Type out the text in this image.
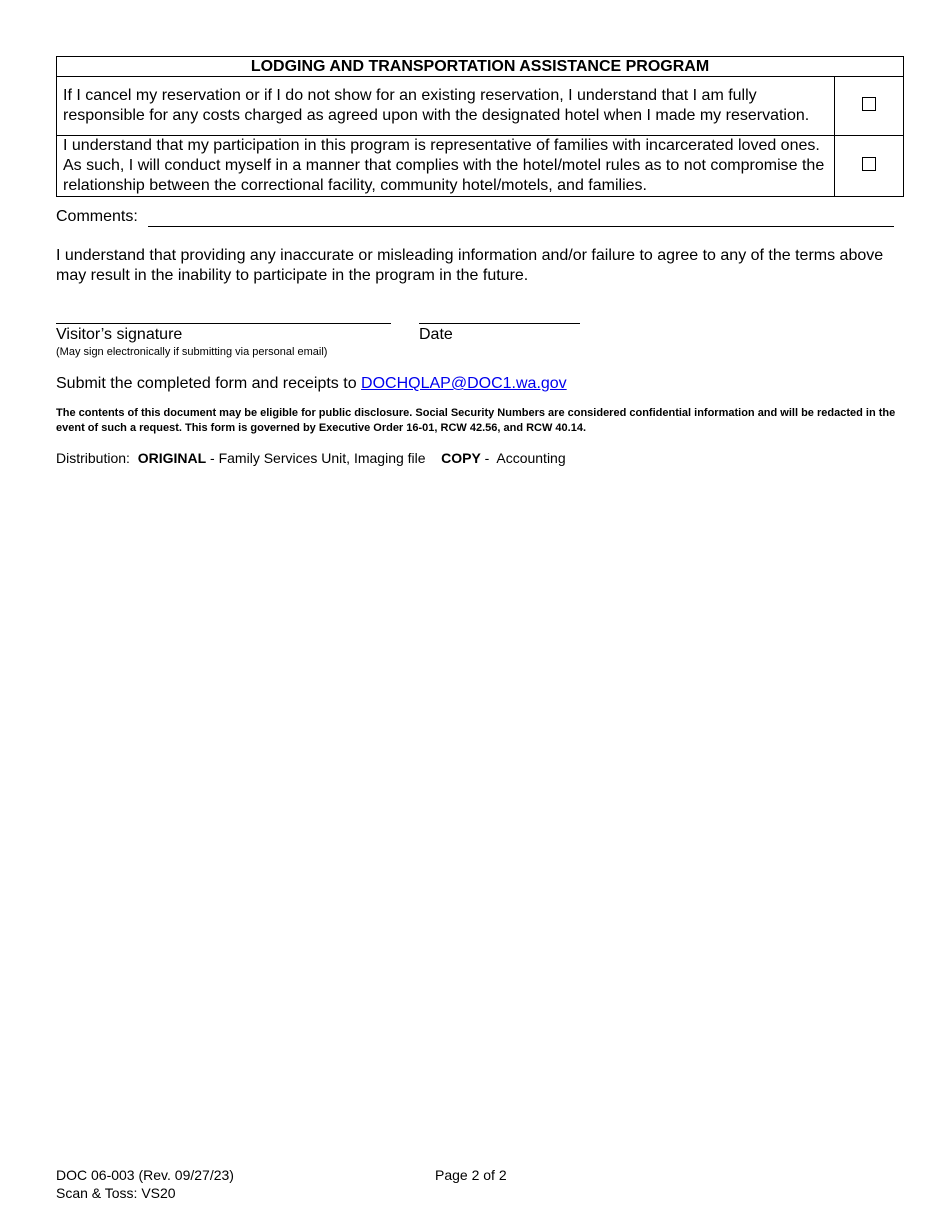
LODGING AND TRANSPORTATION ASSISTANCE PROGRAM	
If I cancel my reservation or if I do not show for an existing reservation, I understand that I am fully responsible for any costs charged as agreed upon with the designated hotel when I made my reservation.	
I understand that my participation in this program is representative of families with incarcerated loved ones. As such, I will conduct myself in a manner that complies with the hotel/motel rules as to not compromise the relationship between the correctional facility, community hotel/motels, and families.	
Comments:
I understand that providing any inaccurate or misleading information and/or failure to agree to any of the terms above may result in the inability to participate in the program in the future.
Visitor’s signature	Date
(May sign electronically if submitting via personal email)
Submit the completed form and receipts to DOCHQLAP@DOC1.wa.gov
The contents of this document may be eligible for public disclosure. Social Security Numbers are considered confidential information and will be redacted in the event of such a request. This form is governed by Executive Order 16-01, RCW 42.56, and RCW 40.14.
Distribution:  ORIGINAL - Family Services Unit, Imaging file    COPY -  Accounting
DOC 06-003 (Rev. 09/27/23)
Scan & Toss: VS20
Page 2 of 2
